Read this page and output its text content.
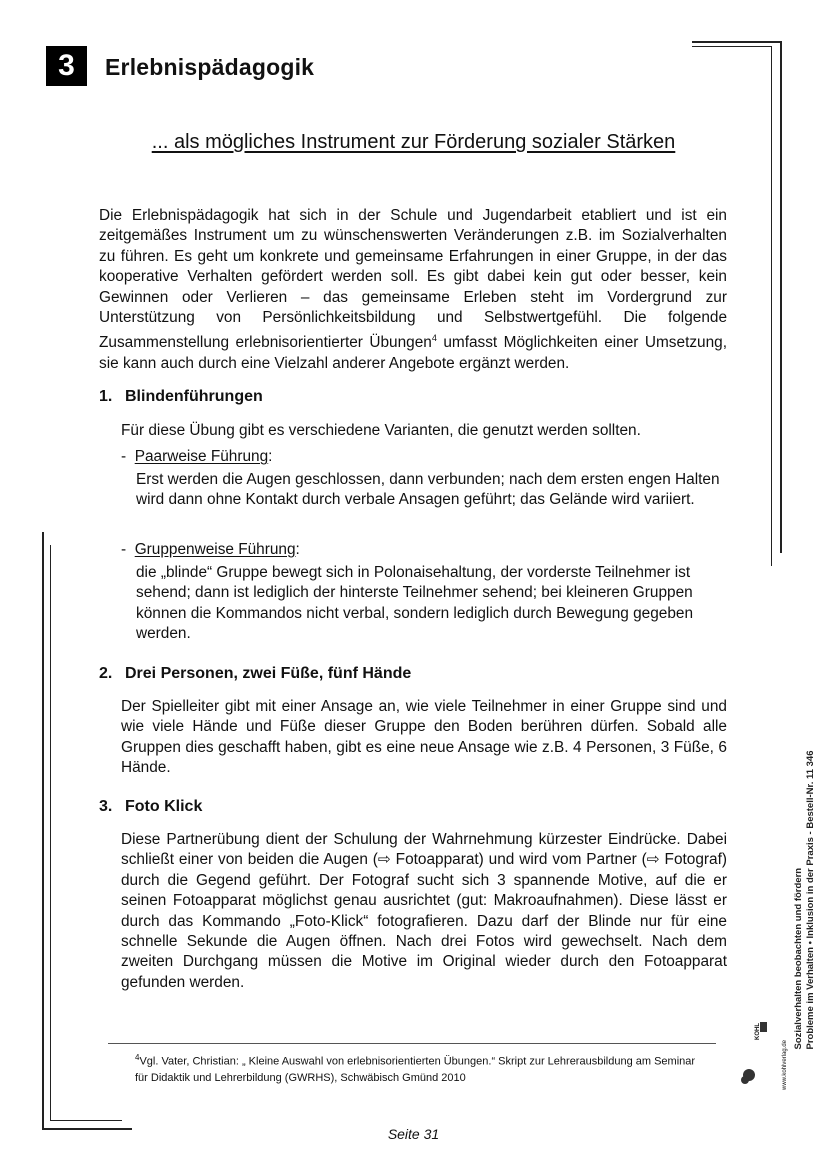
3	Erlebnispädagogik
... als mögliches Instrument zur Förderung sozialer Stärken
Die Erlebnispädagogik hat sich in der Schule und Jugendarbeit etabliert und ist ein zeitgemäßes Instrument um zu wünschenswerten Veränderungen z.B. im Sozialverhalten zu führen. Es geht um konkrete und gemeinsame Erfahrungen in einer Gruppe, in der das kooperative Verhalten gefördert werden soll. Es gibt dabei kein gut oder besser, kein Gewinnen oder Verlieren – das gemeinsame Erleben steht im Vordergrund zur Unterstützung von Persönlichkeitsbildung und Selbstwertgefühl. Die folgende Zusammenstellung erlebnisorientierter Übungen$^4$ umfasst Möglichkeiten einer Umsetzung, sie kann auch durch eine Vielzahl anderer Angebote ergänzt werden.
1. Blindenführungen
Für diese Übung gibt es verschiedene Varianten, die genutzt werden sollten.
- Paarweise Führung:
Erst werden die Augen geschlossen, dann verbunden; nach dem ersten engen Halten wird dann ohne Kontakt durch verbale Ansagen geführt; das Gelände wird variiert.
- Gruppenweise Führung:
die „blinde“ Gruppe bewegt sich in Polonaisehaltung, der vorderste Teilnehmer ist sehend; dann ist lediglich der hinterste Teilnehmer sehend; bei kleineren Gruppen können die Kommandos nicht verbal, sondern lediglich durch Bewegung gegeben werden.
2. Drei Personen, zwei Füße, fünf Hände
Der Spielleiter gibt mit einer Ansage an, wie viele Teilnehmer in einer Gruppe sind und wie viele Hände und Füße dieser Gruppe den Boden berühren dürfen. Sobald alle Gruppen dies geschafft haben, gibt es eine neue Ansage wie z.B. 4 Personen, 3 Füße, 6 Hände.
3. Foto Klick
Diese Partnerübung dient der Schulung der Wahrnehmung kürzester Eindrücke. Dabei schließt einer von beiden die Augen (⇨ Fotoapparat) und wird vom Partner (⇨ Fotograf) durch die Gegend geführt. Der Fotograf sucht sich 3 spannende Motive, auf die er seinen Fotoapparat möglichst genau ausrichtet (gut: Makroaufnahmen). Diese lässt er durch das Kommando „Foto-Klick“ fotografieren. Dazu darf der Blinde nur für eine schnelle Sekunde die Augen öffnen. Nach drei Fotos wird gewechselt. Nach dem zweiten Durchgang müssen die Motive im Original wieder durch den Fotoapparat gefunden werden.
$^4$Vgl. Vater, Christian: „ Kleine Auswahl von erlebnisorientierten Übungen.“ Skript zur Lehrerausbildung am Seminar für Didaktik und Lehrerbildung (GWRHS), Schwäbisch Gmünd 2010
Sozialverhalten beobachten und fördern Probleme im Verhalten • Inklusion in der Praxis - Bestell-Nr. 11 346
KOHL
www.kohlverlag.de
Seite 31
